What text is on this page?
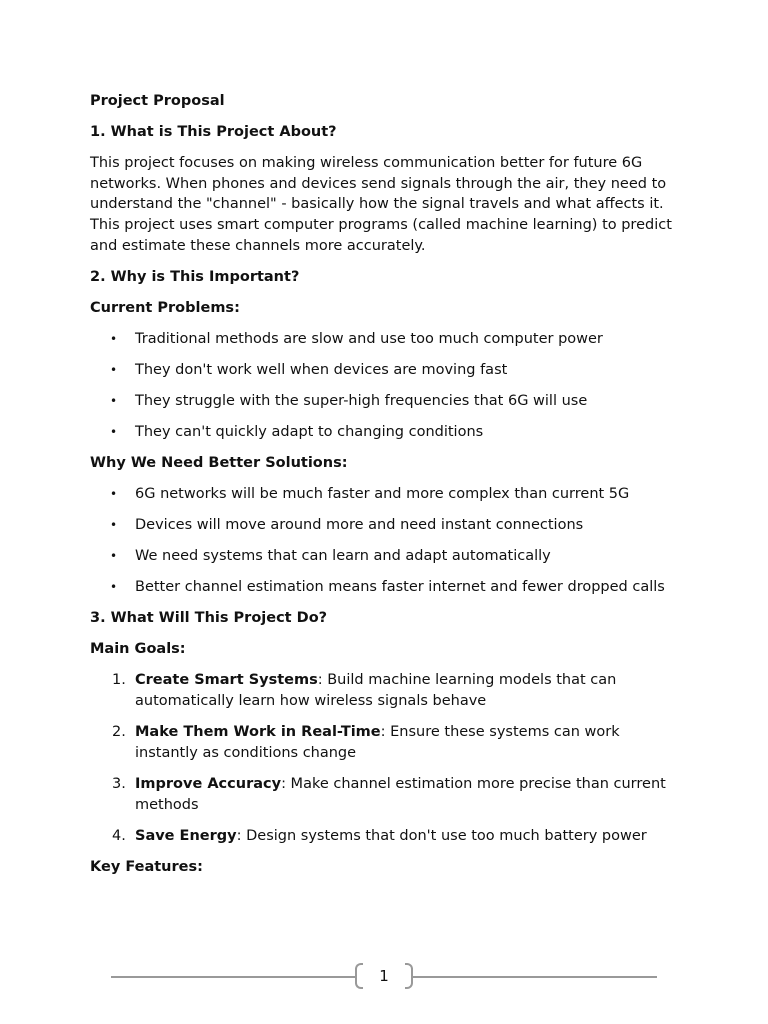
Project Proposal
1. What is This Project About?
This project focuses on making wireless communication better for future 6G networks. When phones and devices send signals through the air, they need to understand the "channel" - basically how the signal travels and what affects it. This project uses smart computer programs (called machine learning) to predict and estimate these channels more accurately.
2. Why is This Important?
Current Problems:
• Traditional methods are slow and use too much computer power
• They don't work well when devices are moving fast
• They struggle with the super-high frequencies that 6G will use
• They can't quickly adapt to changing conditions
Why We Need Better Solutions:
• 6G networks will be much faster and more complex than current 5G
• Devices will move around more and need instant connections
• We need systems that can learn and adapt automatically
• Better channel estimation means faster internet and fewer dropped calls
3. What Will This Project Do?
Main Goals:
1. Create Smart Systems: Build machine learning models that can automatically learn how wireless signals behave
2. Make Them Work in Real-Time: Ensure these systems can work instantly as conditions change
3. Improve Accuracy: Make channel estimation more precise than current methods
4. Save Energy: Design systems that don't use too much battery power
Key Features:
1
